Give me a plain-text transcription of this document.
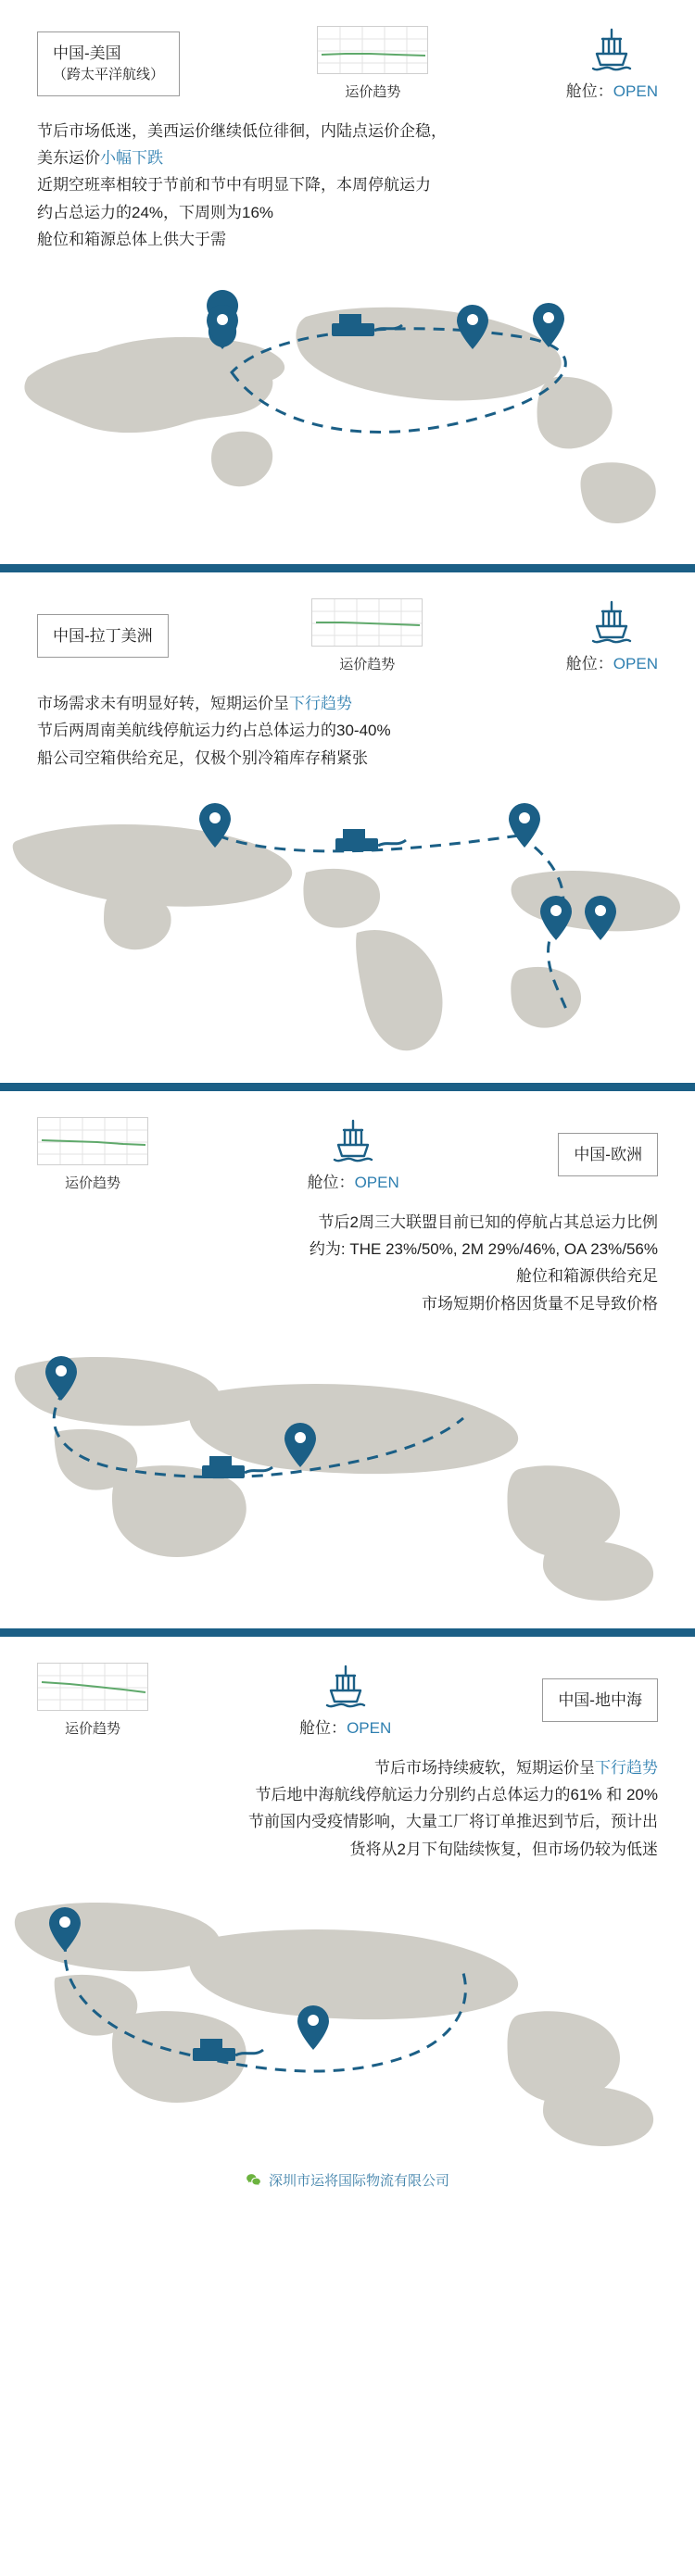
中国-美国
（跨太平洋航线）
运价趋势	舱位：OPEN
节后市场低迷，美西运价继续低位徘徊，内陆点运价企稳，
美东运价小幅下跌
近期空班率相较于节前和节中有明显下降，本周停航运力
约占总运力的24%，下周则为16%
舱位和箱源总体上供大于需
中国-拉丁美洲
运价趋势	舱位：OPEN
市场需求未有明显好转，短期运价呈下行趋势
节后两周南美航线停航运力约占总体运力的30-40%
船公司空箱供给充足，仅极个别冷箱库存稍紧张
运价趋势	舱位：OPEN
中国-欧洲
节后2周三大联盟目前已知的停航占其总运力比例
约为: THE 23%/50%, 2M 29%/46%, OA 23%/56%
舱位和箱源供给充足
市场短期价格因货量不足导致价格
运价趋势	舱位：OPEN
中国-地中海
节后市场持续疲软，短期运价呈下行趋势
节后地中海航线停航运力分别约占总体运力的61% 和 20%
节前国内受疫情影响，大量工厂将订单推迟到节后，预计出
货将从2月下旬陆续恢复，但市场仍较为低迷
深圳市运将国际物流有限公司
